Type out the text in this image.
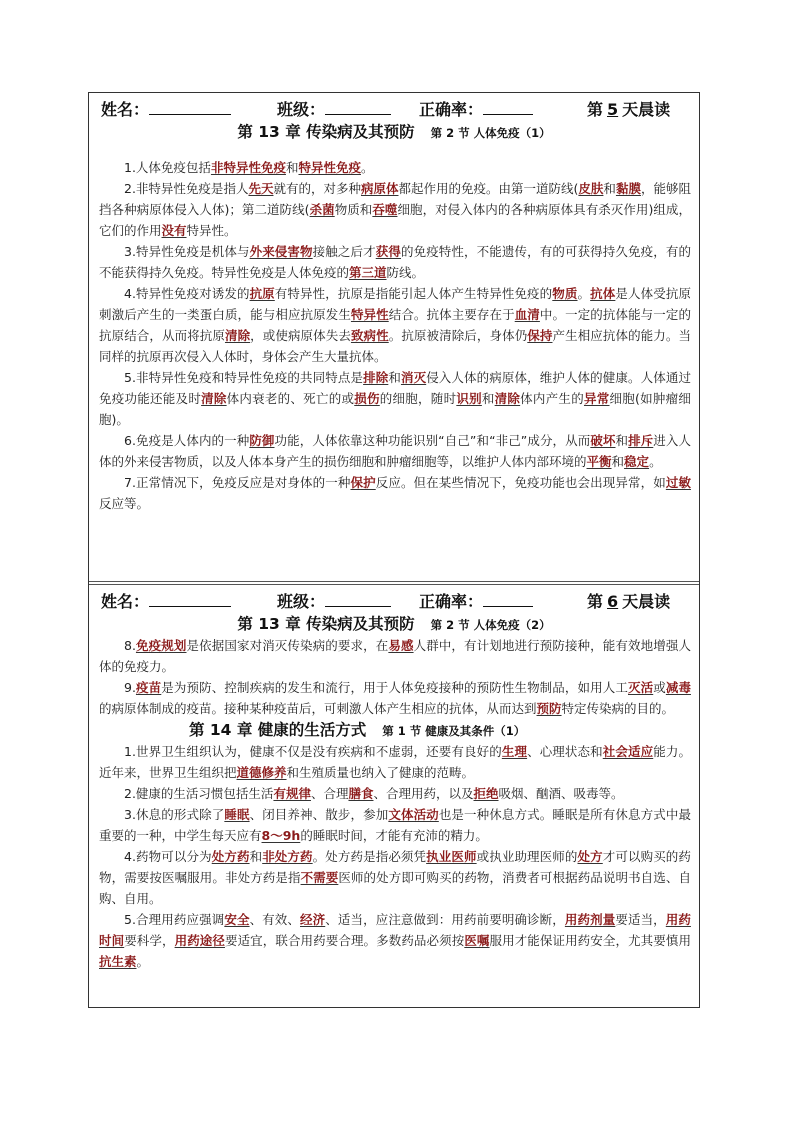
姓名：	班级：	正确率：	第 5 天晨读
第 13 章 传染病及其预防 第 2 节 人体免疫（1）

1.人体免疫包括非特异性免疫和特异性免疫。

2.非特异性免疫是指人先天就有的，对多种病原体都起作用的免疫。由第一道防线(皮肤和黏膜，能够阻挡各种病原体侵入人体)；第二道防线(杀菌物质和吞噬细胞，对侵入体内的各种病原体具有杀灭作用)组成，它们的作用没有特异性。

3.特异性免疫是机体与外来侵害物接触之后才获得的免疫特性，不能遗传，有的可获得持久免疫，有的不能获得持久免疫。特异性免疫是人体免疫的第三道防线。

4.特异性免疫对诱发的抗原有特异性，抗原是指能引起人体产生特异性免疫的物质。抗体是人体受抗原刺激后产生的一类蛋白质，能与相应抗原发生特异性结合。抗体主要存在于血清中。一定的抗体能与一定的抗原结合，从而将抗原清除，或使病原体失去致病性。抗原被清除后，身体仍保持产生相应抗体的能力。当同样的抗原再次侵入人体时，身体会产生大量抗体。

5.非特异性免疫和特异性免疫的共同特点是排除和消灭侵入人体的病原体，维护人体的健康。人体通过免疫功能还能及时清除体内衰老的、死亡的或损伤的细胞，随时识别和清除体内产生的异常细胞(如肿瘤细胞)。

6.免疫是人体内的一种防御功能，人体依靠这种功能识别“自己”和“非己”成分，从而破坏和排斥进入人体的外来侵害物质，以及人体本身产生的损伤细胞和肿瘤细胞等，以维护人体内部环境的平衡和稳定。

7.正常情况下，免疫反应是对身体的一种保护反应。但在某些情况下，免疫功能也会出现异常，如过敏反应等。

姓名：	班级：	正确率：	第 6 天晨读
第 13 章 传染病及其预防 第 2 节 人体免疫（2）

8.免疫规划是依据国家对消灭传染病的要求，在易感人群中，有计划地进行预防接种，能有效地增强人体的免疫力。

9.疫苗是为预防、控制疾病的发生和流行，用于人体免疫接种的预防性生物制品，如用人工灭活或减毒的病原体制成的疫苗。接种某种疫苗后，可刺激人体产生相应的抗体，从而达到预防特定传染病的目的。

第 14 章 健康的生活方式 第 1 节 健康及其条件（1）

1.世界卫生组织认为，健康不仅是没有疾病和不虚弱，还要有良好的生理、心理状态和社会适应能力。近年来，世界卫生组织把道德修养和生殖质量也纳入了健康的范畴。

2.健康的生活习惯包括生活有规律、合理膳食、合理用药，以及拒绝吸烟、酗酒、吸毒等。

3.休息的形式除了睡眠、闭目养神、散步，参加文体活动也是一种休息方式。睡眠是所有休息方式中最重要的一种，中学生每天应有8～9h的睡眠时间，才能有充沛的精力。

4.药物可以分为处方药和非处方药。处方药是指必须凭执业医师或执业助理医师的处方才可以购买的药物，需要按医嘱服用。非处方药是指不需要医师的处方即可购买的药物，消费者可根据药品说明书自选、自购、自用。

5.合理用药应强调安全、有效、经济、适当，应注意做到：用药前要明确诊断，用药剂量要适当，用药时间要科学，用药途径要适宜，联合用药要合理。多数药品必须按医嘱服用才能保证用药安全，尤其要慎用抗生素。
